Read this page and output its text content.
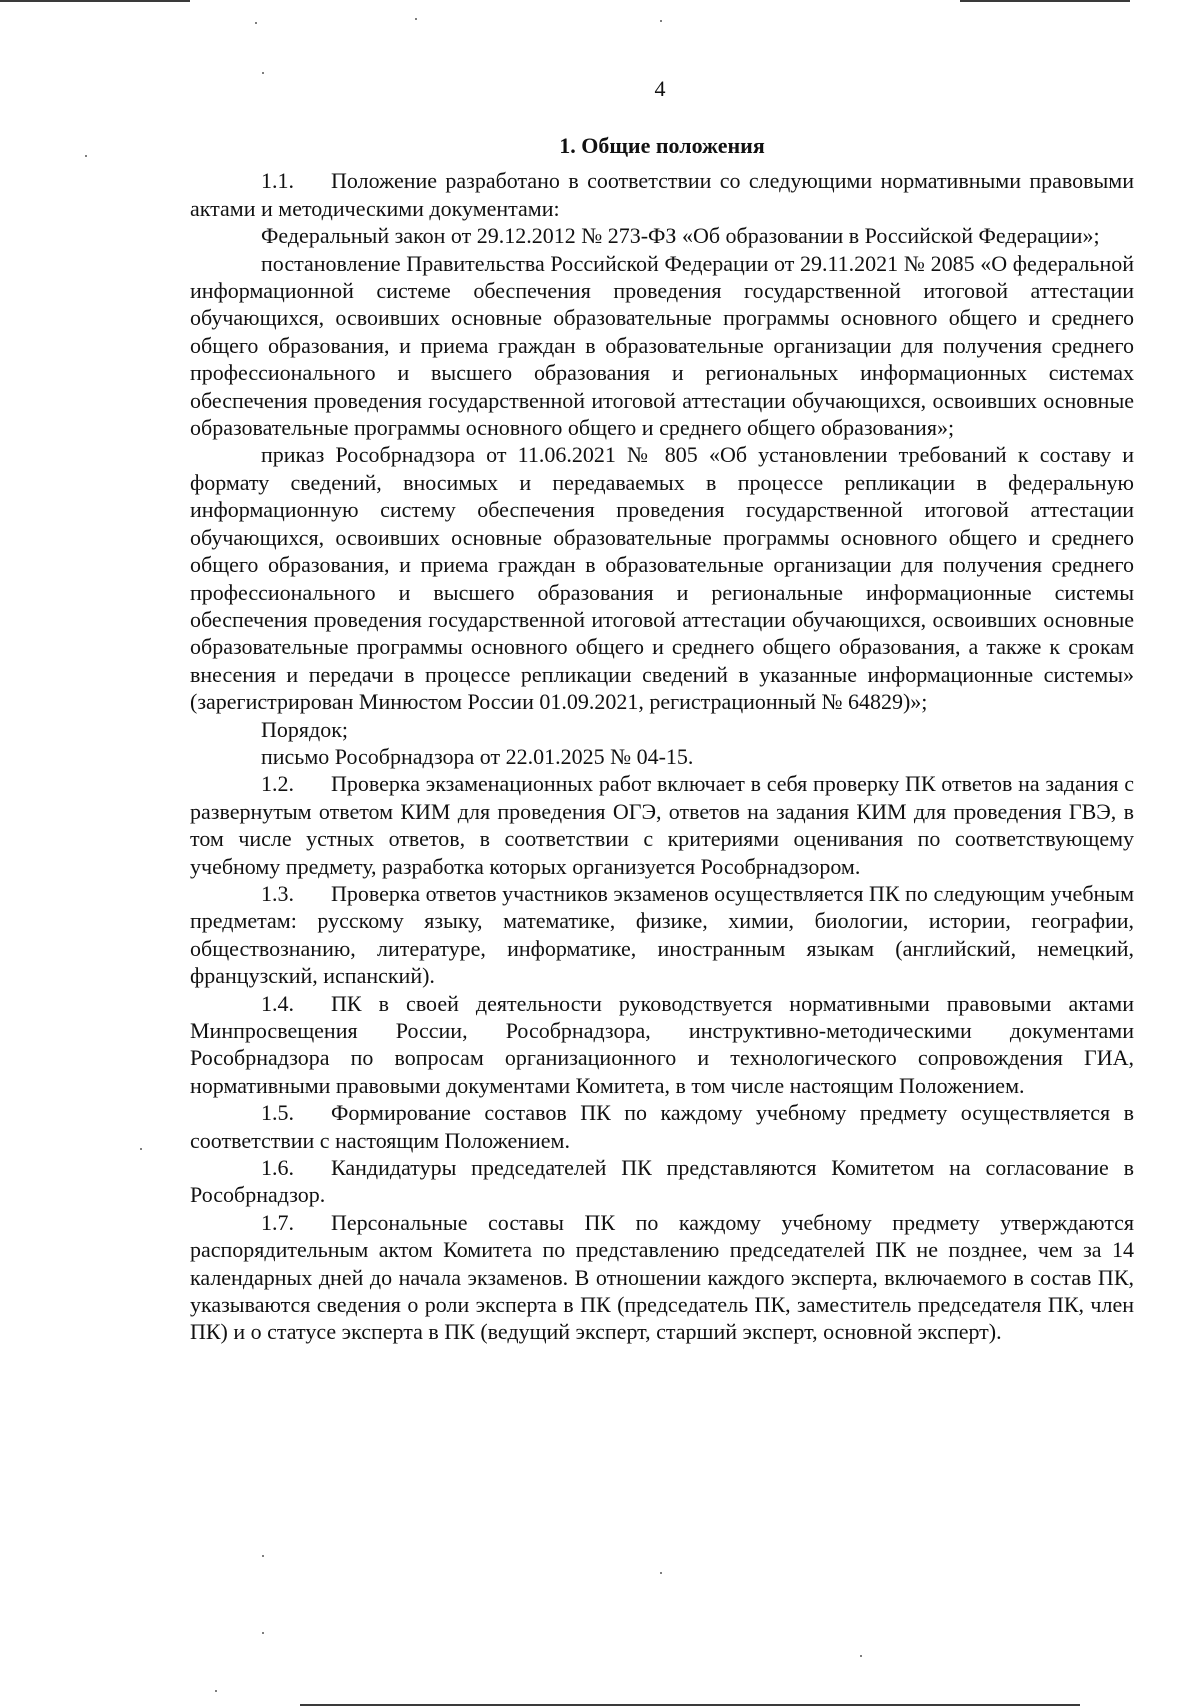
4
1. Общие положения

1.1. Положение разработано в соответствии со следующими нормативными правовыми актами и методическими документами:

Федеральный закон от 29.12.2012 № 273-ФЗ «Об образовании в Российской Федерации»;

постановление Правительства Российской Федерации от 29.11.2021 № 2085 «О федеральной информационной системе обеспечения проведения государственной итоговой аттестации обучающихся, освоивших основные образовательные программы основного общего и среднего общего образования, и приема граждан в образовательные организации для получения среднего профессионального и высшего образования и региональных информационных системах обеспечения проведения государственной итоговой аттестации обучающихся, освоивших основные образовательные программы основного общего и среднего общего образования»;

приказ Рособрнадзора от 11.06.2021 № 805 «Об установлении требований к составу и формату сведений, вносимых и передаваемых в процессе репликации в федеральную информационную систему обеспечения проведения государственной итоговой аттестации обучающихся, освоивших основные образовательные программы основного общего и среднего общего образования, и приема граждан в образовательные организации для получения среднего профессионального и высшего образования и региональные информационные системы обеспечения проведения государственной итоговой аттестации обучающихся, освоивших основные образовательные программы основного общего и среднего общего образования, а также к срокам внесения и передачи в процессе репликации сведений в указанные информационные системы» (зарегистрирован Минюстом России 01.09.2021, регистрационный № 64829)»;

Порядок;

письмо Рособрнадзора от 22.01.2025 № 04-15.

1.2. Проверка экзаменационных работ включает в себя проверку ПК ответов на задания с развернутым ответом КИМ для проведения ОГЭ, ответов на задания КИМ для проведения ГВЭ, в том числе устных ответов, в соответствии с критериями оценивания по соответствующему учебному предмету, разработка которых организуется Рособрнадзором.

1.3. Проверка ответов участников экзаменов осуществляется ПК по следующим учебным предметам: русскому языку, математике, физике, химии, биологии, истории, географии, обществознанию, литературе, информатике, иностранным языкам (английский, немецкий, французский, испанский).

1.4. ПК в своей деятельности руководствуется нормативными правовыми актами Минпросвещения России, Рособрнадзора, инструктивно-методическими документами Рособрнадзора по вопросам организационного и технологического сопровождения ГИА, нормативными правовыми документами Комитета, в том числе настоящим Положением.

1.5. Формирование составов ПК по каждому учебному предмету осуществляется в соответствии с настоящим Положением.

1.6. Кандидатуры председателей ПК представляются Комитетом на согласование в Рособрнадзор.

1.7. Персональные составы ПК по каждому учебному предмету утверждаются распорядительным актом Комитета по представлению председателей ПК не позднее, чем за 14 календарных дней до начала экзаменов. В отношении каждого эксперта, включаемого в состав ПК, указываются сведения о роли эксперта в ПК (председатель ПК, заместитель председателя ПК, член ПК) и о статусе эксперта в ПК (ведущий эксперт, старший эксперт, основной эксперт).
